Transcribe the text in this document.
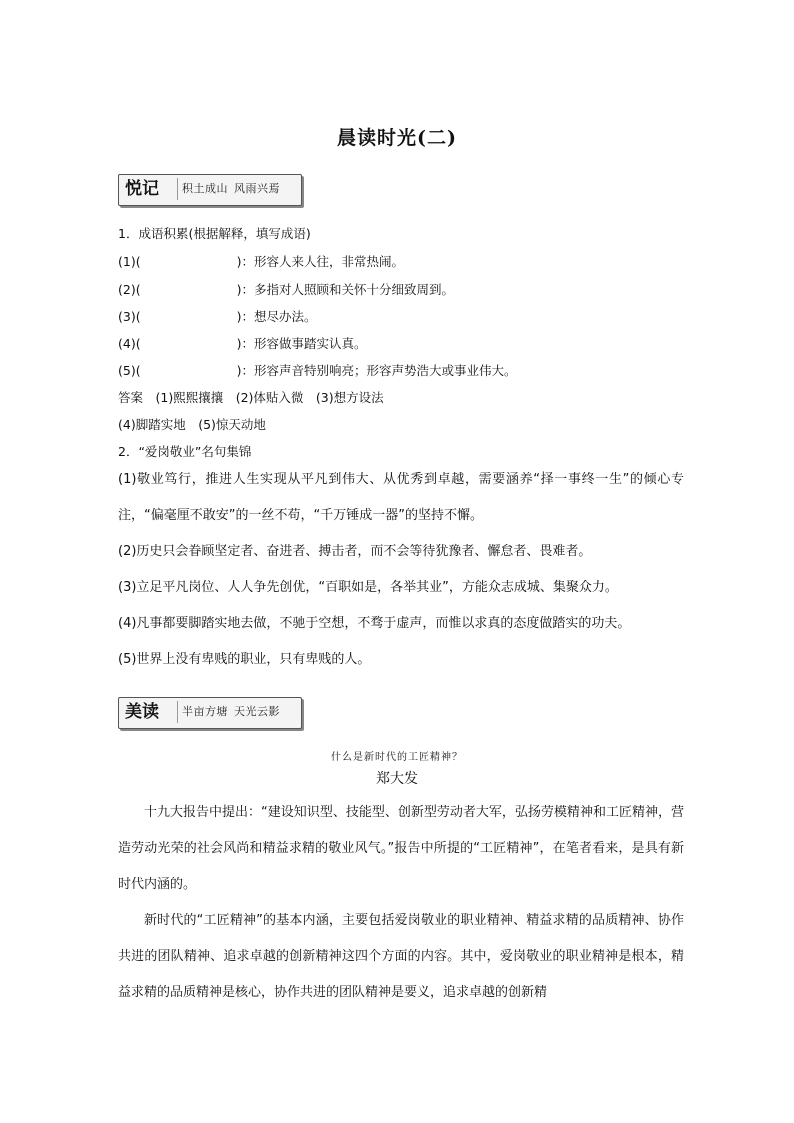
晨读时光(二)
悦记	积土成山 风雨兴焉
1．成语积累(根据解释，填写成语)
(1)(	)：形容人来人往，非常热闹。
(2)(	)：多指对人照顾和关怀十分细致周到。
(3)(	)：想尽办法。
(4)(	)：形容做事踏实认真。
(5)(	)：形容声音特别响亮；形容声势浩大或事业伟大。
答案　(1)熙熙攘攘　(2)体贴入微　(3)想方设法
(4)脚踏实地　(5)惊天动地
2．“爱岗敬业”名句集锦
(1)敬业笃行，推进人生实现从平凡到伟大、从优秀到卓越，需要涵养“择一事终一生”的倾心专注，“偏毫厘不敢安”的一丝不苟，“千万锤成一器”的坚持不懈。
(2)历史只会眷顾坚定者、奋进者、搏击者，而不会等待犹豫者、懈怠者、畏难者。
(3)立足平凡岗位、人人争先创优，“百职如是，各举其业”，方能众志成城、集聚众力。
(4)凡事都要脚踏实地去做，不驰于空想，不骛于虚声，而惟以求真的态度做踏实的功夫。
(5)世界上没有卑贱的职业，只有卑贱的人。
美读	半亩方塘 天光云影
什么是新时代的工匠精神？
郑大发
十九大报告中提出：“建设知识型、技能型、创新型劳动者大军，弘扬劳模精神和工匠精神，营造劳动光荣的社会风尚和精益求精的敬业风气。”报告中所提的“工匠精神”，在笔者看来，是具有新时代内涵的。
新时代的“工匠精神”的基本内涵，主要包括爱岗敬业的职业精神、精益求精的品质精神、协作共进的团队精神、追求卓越的创新精神这四个方面的内容。其中，爱岗敬业的职业精神是根本，精益求精的品质精神是核心，协作共进的团队精神是要义，追求卓越的创新精
